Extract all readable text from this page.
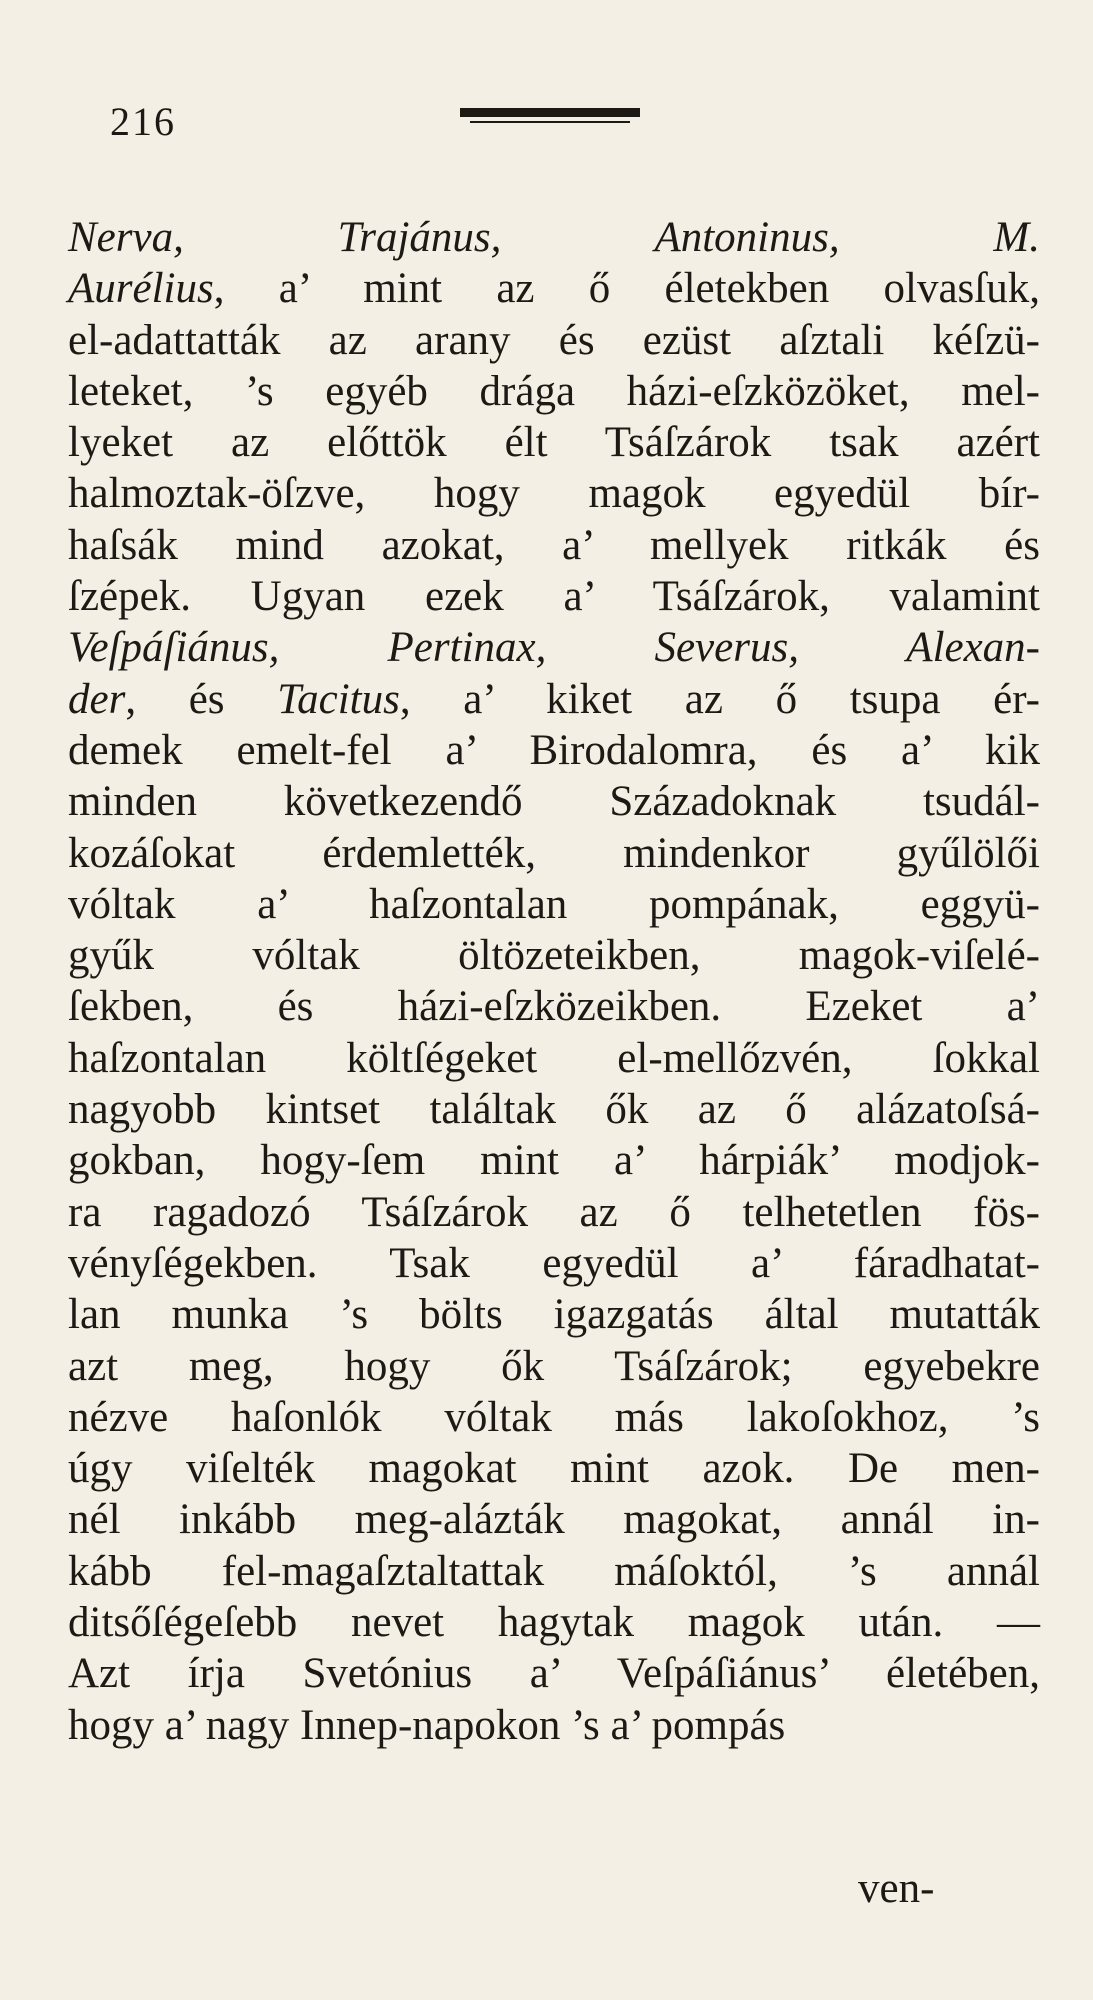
216
Nerva, Trajánus, Antoninus, M.
Aurélius, a’ mint az ő életekben olvasſuk,
el-adattatták az arany és ezüst aſztali kéſzü-
leteket, ’s egyéb drága házi-eſzközöket, mel-
lyeket az előttök élt Tsáſzárok tsak azért
halmoztak-öſzve, hogy magok egyedül bír-
haſsák mind azokat, a’ mellyek ritkák és
ſzépek. Ugyan ezek a’ Tsáſzárok, valamint
Veſpáſiánus, Pertinax, Severus, Alexan-
der, és Tacitus, a’ kiket az ő tsupa ér-
demek emelt-fel a’ Birodalomra, és a’ kik
minden következendő Századoknak tsudál-
kozáſokat érdemlették, mindenkor gyűlölői
vóltak a’ haſzontalan pompának, eggyü-
gyűk vóltak öltözeteikben, magok-viſelé-
ſekben, és házi-eſzközeikben. Ezeket a’
haſzontalan költſégeket el-mellőzvén, ſokkal
nagyobb kintset találtak ők az ő alázatoſsá-
gokban, hogy-ſem mint a’ hárpiák’ modjok-
ra ragadozó Tsáſzárok az ő telhetetlen fös-
vényſégekben. Tsak egyedül a’ fáradhatat-
lan munka ’s bölts igazgatás által mutatták
azt meg, hogy ők Tsáſzárok; egyebekre
nézve haſonlók vóltak más lakoſokhoz, ’s
úgy viſelték magokat mint azok. De men-
nél inkább meg-alázták magokat, annál in-
kább fel-magaſztaltattak máſoktól, ’s annál
ditsőſégeſebb nevet hagytak magok után. —
Azt írja Svetónius a’ Veſpáſiánus’ életében,
hogy a’ nagy Innep-napokon ’s a’ pompás
ven-
